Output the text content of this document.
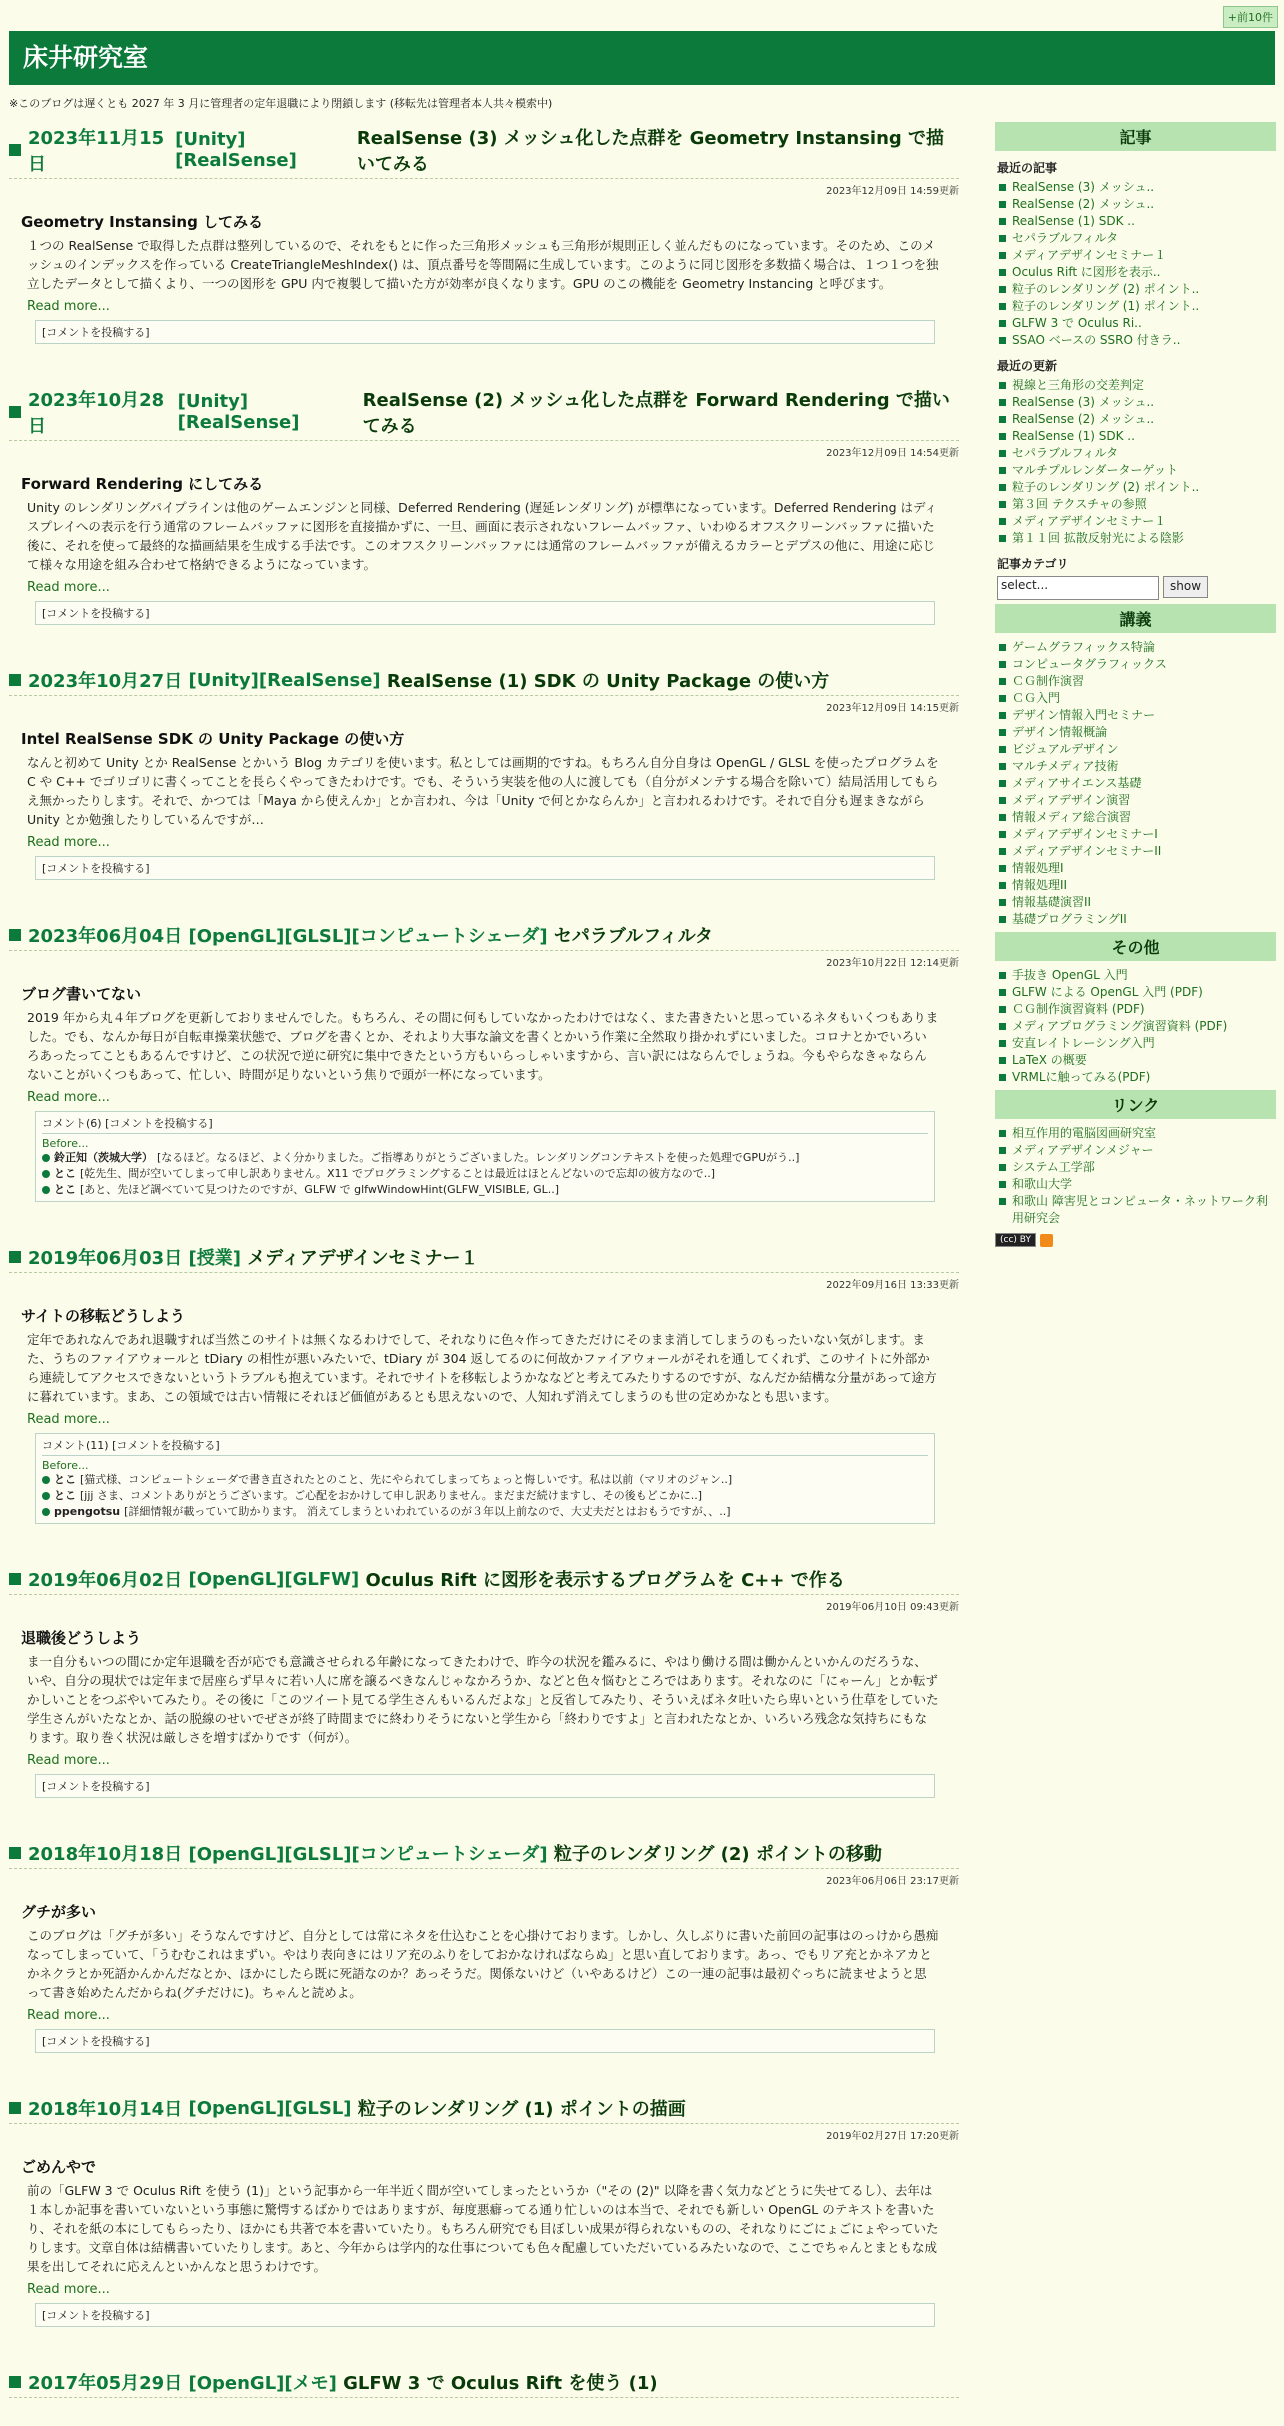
+前10件
床井研究室
※このブログは遅くとも 2027 年 3 月に管理者の定年退職により閉鎖します (移転先は管理者本人共々模索中)
2023年11月15日

[Unity][RealSense]

RealSense (3) メッシュ化した点群を Geometry Instansing で描いてみる
2023年12月09日 14:59更新
Geometry Instansing してみる
１つの RealSense で取得した点群は整列しているので、それをもとに作った三角形メッシュも三角形が規則正しく並んだものになっています。そのため、このメッシュのインデックスを作っている CreateTriangleMeshIndex() は、頂点番号を等間隔に生成しています。このように同じ図形を多数描く場合は、１つ１つを独立したデータとして描くより、一つの図形を GPU 内で複製して描いた方が効率が良くなります。GPU のこの機能を Geometry Instancing と呼びます。
Read more...
[コメントを投稿する]
2023年10月28日

[Unity][RealSense]

RealSense (2) メッシュ化した点群を Forward Rendering で描いてみる
2023年12月09日 14:54更新
Forward Rendering にしてみる
Unity のレンダリングパイプラインは他のゲームエンジンと同様、Deferred Rendering (遅延レンダリング) が標準になっています。Deferred Rendering はディスプレイへの表示を行う通常のフレームバッファに図形を直接描かずに、一旦、画面に表示されないフレームバッファ、いわゆるオフスクリーンバッファに描いた後に、それを使って最終的な描画結果を生成する手法です。このオフスクリーンバッファには通常のフレームバッファが備えるカラーとデプスの他に、用途に応じて様々な用途を組み合わせて格納できるようになっています。
Read more...
[コメントを投稿する]
2023年10月27日
[Unity][RealSense]
RealSense (1) SDK の Unity Package の使い方
2023年12月09日 14:15更新
Intel RealSense SDK の Unity Package の使い方
なんと初めて Unity とか RealSense とかいう Blog カテゴリを使います。私としては画期的ですね。もちろん自分自身は OpenGL / GLSL を使ったプログラムを C や C++ でゴリゴリに書くってことを長らくやってきたわけです。でも、そういう実装を他の人に渡しても（自分がメンテする場合を除いて）結局活用してもらえ無かったりします。それで、かつては「Maya から使えんか」とか言われ、今は「Unity で何とかならんか」と言われるわけです。それで自分も遅まきながら Unity とか勉強したりしているんですが…
Read more...
[コメントを投稿する]
2023年06月04日
[OpenGL][GLSL][コンピュートシェーダ]
セパラブルフィルタ
2023年10月22日 12:14更新
ブログ書いてない
2019 年から丸４年ブログを更新しておりませんでした。もちろん、その間に何もしていなかったわけではなく、また書きたいと思っているネタもいくつもありました。でも、なんか毎日が自転車操業状態で、ブログを書くとか、それより大事な論文を書くとかいう作業に全然取り掛かれずにいました。コロナとかでいろいろあったってこともあるんですけど、この状況で逆に研究に集中できたという方もいらっしゃいますから、言い訳にはならんでしょうね。今もやらなきゃならんないことがいくつもあって、忙しい、時間が足りないという焦りで頭が一杯になっています。
Read more...
コメント(6) [コメントを投稿する]
Before...
鈴正知（茨城大学） [なるほど。なるほど、よく分かりました。ご指導ありがとうございました。レンダリングコンテキストを使った処理でGPUがう..]
とこ [乾先生、間が空いてしまって申し訳ありません。X11 でプログラミングすることは最近はほとんどないので忘却の彼方なので..]
とこ [あと、先ほど調べていて見つけたのですが、GLFW で glfwWindowHint(GLFW_VISIBLE, GL..]
2019年06月03日
[授業]
メディアデザインセミナー１
2022年09月16日 13:33更新
サイトの移転どうしよう
定年であれなんであれ退職すれば当然このサイトは無くなるわけでして、それなりに色々作ってきただけにそのまま消してしまうのもったいない気がします。また、うちのファイアウォールと tDiary の相性が悪いみたいで、tDiary が 304 返してるのに何故かファイアウォールがそれを通してくれず、このサイトに外部から連続してアクセスできないというトラブルも抱えています。それでサイトを移転しようかななどと考えてみたりするのですが、なんだか結構な分量があって途方に暮れています。まあ、この領域では古い情報にそれほど価値があるとも思えないので、人知れず消えてしまうのも世の定めかなとも思います。
Read more...
コメント(11) [コメントを投稿する]
Before...
とこ [猫式様、コンピュートシェーダで書き直されたとのこと、先にやられてしまってちょっと悔しいです。私は以前（マリオのジャン..]
とこ [jjj さま、コメントありがとうございます。ご心配をおかけして申し訳ありません。まだまだ続けますし、その後もどこかに..]
ppengotsu [詳細情報が載っていて助かります。 消えてしまうといわれているのが３年以上前なので、大丈夫だとはおもうですが、、..]
2019年06月02日
[OpenGL][GLFW]
Oculus Rift に図形を表示するプログラムを C++ で作る
2019年06月10日 09:43更新
退職後どうしよう
ま一自分もいつの間にか定年退職を否が応でも意識させられる年齢になってきたわけで、昨今の状況を鑑みるに、やはり働ける間は働かんといかんのだろうな、いや、自分の現状では定年まで居座らず早々に若い人に席を譲るべきなんじゃなかろうか、などと色々悩むところではあります。それなのに「にゃーん」とか転ずかしいことをつぶやいてみたり。その後に「このツイート見てる学生さんもいるんだよな」と反省してみたり、そういえばネタ吐いたら卑いという仕草をしていた学生さんがいたなとか、話の脱線のせいでぜさが終了時間までに終わりそうにないと学生から「終わりですよ」と言われたなとか、いろいろ残念な気持ちにもなります。取り巻く状況は厳しさを増すばかりです（何が）。
Read more...
[コメントを投稿する]
2018年10月18日
[OpenGL][GLSL][コンピュートシェーダ]
粒子のレンダリング (2) ポイントの移動
2023年06月06日 23:17更新
グチが多い
このブログは「グチが多い」そうなんですけど、自分としては常にネタを仕込むことを心掛けております。しかし、久しぶりに書いた前回の記事はのっけから愚痴なってしまっていて、「うむむこれはまずい。やはり表向きにはリア充のふりをしておかなければならぬ」と思い直しております。あっ、でもリア充とかネアカとかネクラとか死語かんかんだなとか、ほかにしたら既に死語なのか？あっそうだ。関係ないけど（いやあるけど）この一連の記事は最初ぐっちに読ませようと思って書き始めたんだからね(グチだけに)。ちゃんと読めよ。
Read more...
[コメントを投稿する]
2018年10月14日
[OpenGL][GLSL]
粒子のレンダリング (1) ポイントの描画
2019年02月27日 17:20更新
ごめんやで
前の「GLFW 3 で Oculus Rift を使う (1)」という記事から一年半近く間が空いてしまったというか（"その (2)" 以降を書く気力などとうに失せてるし）、去年は１本しか記事を書いていないという事態に驚愕するばかりではありますが、毎度悪癖ってる通り忙しいのは本当で、それでも新しい OpenGL のテキストを書いたり、それを紙の本にしてもらったり、ほかにも共著で本を書いていたり。もちろん研究でも目ぼしい成果が得られないものの、それなりにごにょごにょやっていたりします。文章自体は結構書いていたりします。あと、今年からは学内的な仕事についても色々配慮していただいているみたいなので、ここでちゃんとまともな成果を出してそれに応えんといかんなと思うわけです。
Read more...
[コメントを投稿する]
2017年05月29日
[OpenGL][メモ]
GLFW 3 で Oculus Rift を使う (1)
記事
最近の記事
RealSense (3) メッシュ..
RealSense (2) メッシュ..
RealSense (1) SDK ..
セパラブルフィルタ
メディアデザインセミナー１
Oculus Rift に図形を表示..
粒子のレンダリング (2) ポイント..
粒子のレンダリング (1) ポイント..
GLFW 3 で Oculus Ri..
SSAO ベースの SSRO 付きラ..
最近の更新
視線と三角形の交差判定
RealSense (3) メッシュ..
RealSense (2) メッシュ..
RealSense (1) SDK ..
セパラブルフィルタ
マルチプルレンダーターゲット
粒子のレンダリング (2) ポイント..
第３回 テクスチャの参照
メディアデザインセミナー１
第１１回 拡散反射光による陰影
記事カテゴリ
select...	show
講義
ゲームグラフィックス特論
コンピュータグラフィックス
ＣＧ制作演習
ＣＧ入門
デザイン情報入門セミナー
デザイン情報概論
ビジュアルデザイン
マルチメディア技術
メディアサイエンス基礎
メディアデザイン演習
情報メディア総合演習
メディアデザインセミナーI
メディアデザインセミナーII
情報処理I
情報処理II
情報基礎演習II
基礎プログラミングII
その他
手抜き OpenGL 入門
GLFW による OpenGL 入門 (PDF)
ＣＧ制作演習資料 (PDF)
メディアプログラミング演習資料 (PDF)
安直レイトレーシング入門
LaTeX の概要
VRMLに触ってみる(PDF)
リンク
相互作用的電脳図画研究室
メディアデザインメジャー
システム工学部
和歌山大学
和歌山 障害児とコンピュータ・ネットワーク利用研究会
(cc) BY
